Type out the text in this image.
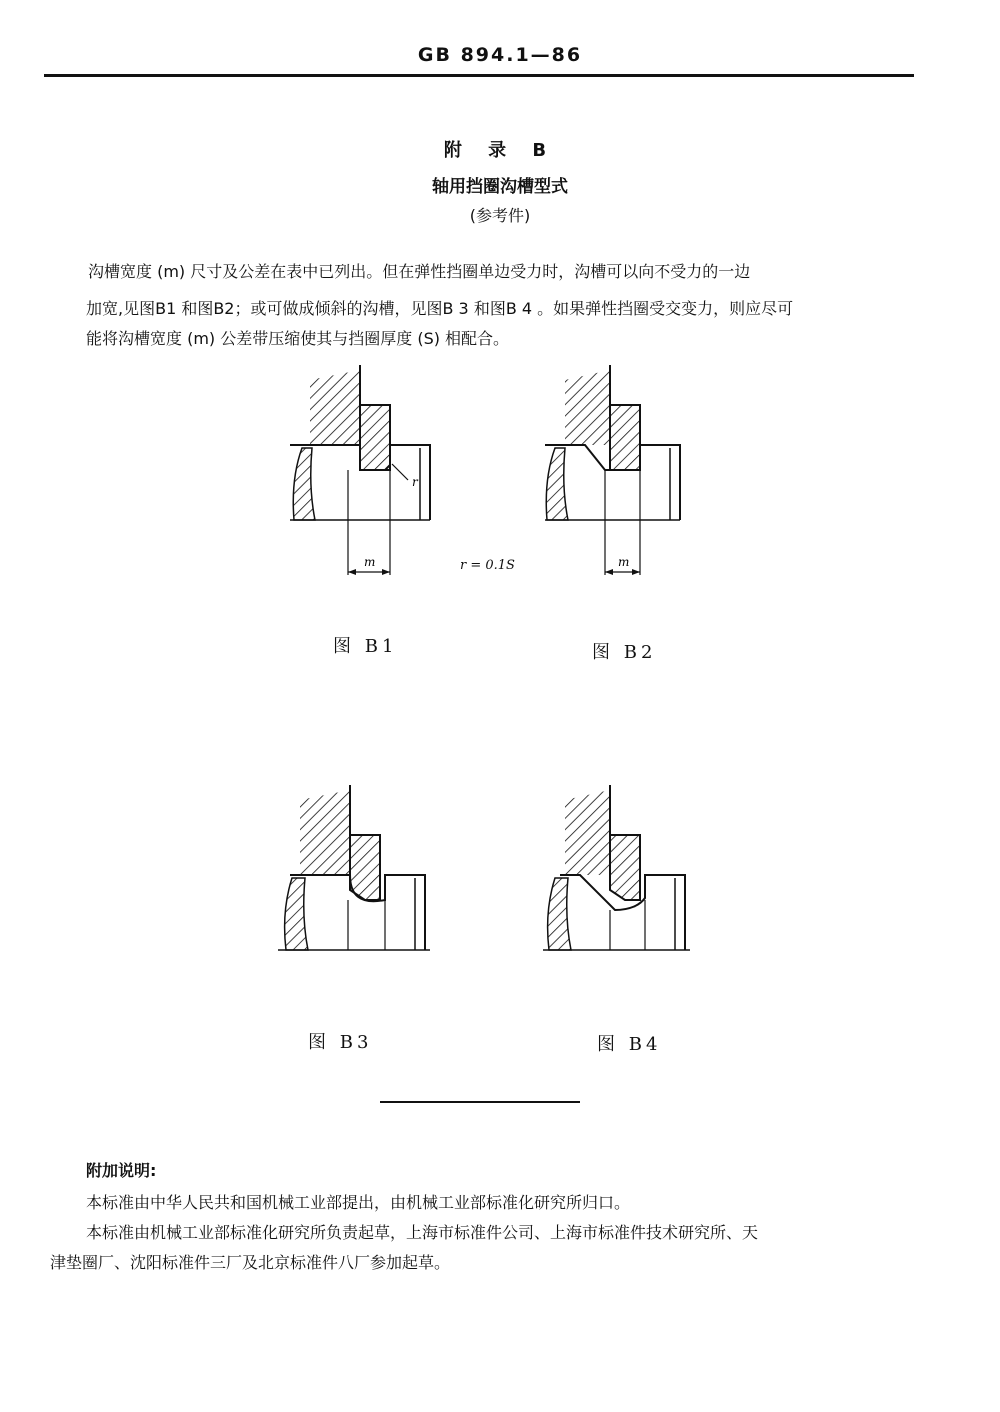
GB 894.1—86
附 录 B
轴用挡圈沟槽型式
(参考件)
沟槽宽度 (m) 尺寸及公差在表中已列出。但在弹性挡圈单边受力时，沟槽可以向不受力的一边
加宽,见图B1 和图B2；或可做成倾斜的沟槽，见图B 3 和图B 4 。如果弹性挡圈受交变力，则应尽可
能将沟槽宽度 (m) 公差带压缩使其与挡圈厚度 (S) 相配合。
m
r
r = 0.1S	m
图 B1	图 B2
图 B3	图 B4
附加说明:
本标准由中华人民共和国机械工业部提出，由机械工业部标准化研究所归口。
本标准由机械工业部标准化研究所负责起草，上海市标准件公司、上海市标准件技术研究所、天
津垫圈厂、沈阳标准件三厂及北京标准件八厂参加起草。
